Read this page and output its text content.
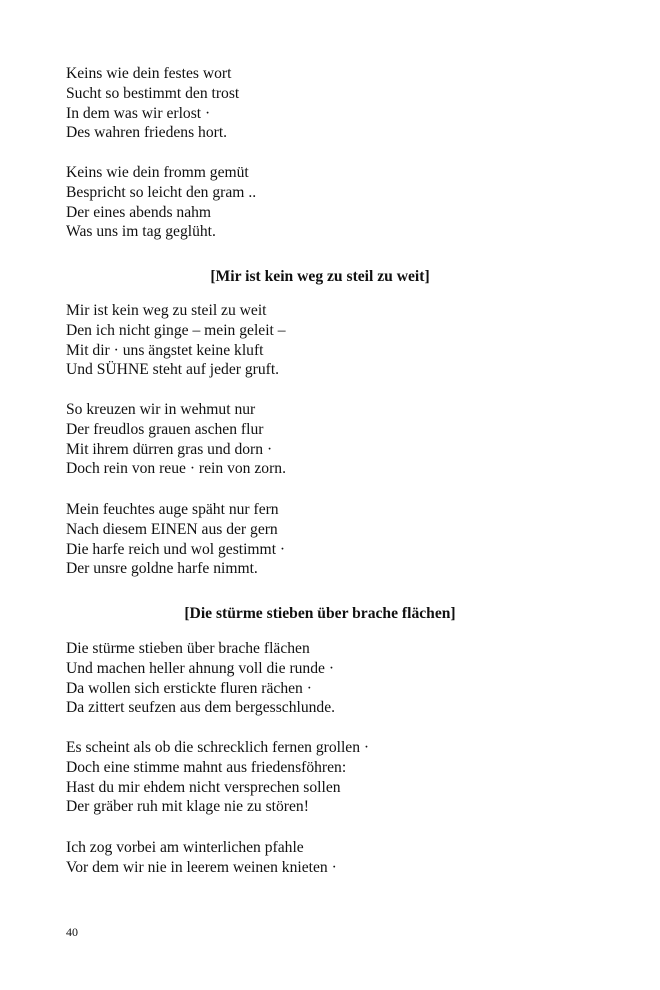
Keins wie dein festes wort
Sucht so bestimmt den trost
In dem was wir erlost ·
Des wahren friedens hort.
Keins wie dein fromm gemüt
Bespricht so leicht den gram ..
Der eines abends nahm
Was uns im tag geglüht.
[Mir ist kein weg zu steil zu weit]
Mir ist kein weg zu steil zu weit
Den ich nicht ginge – mein geleit –
Mit dir · uns ängstet keine kluft
Und SÜHNE steht auf jeder gruft.
So kreuzen wir in wehmut nur
Der freudlos grauen aschen flur
Mit ihrem dürren gras und dorn ·
Doch rein von reue · rein von zorn.
Mein feuchtes auge späht nur fern
Nach diesem EINEN aus der gern
Die harfe reich und wol gestimmt ·
Der unsre goldne harfe nimmt.
[Die stürme stieben über brache flächen]
Die stürme stieben über brache flächen
Und machen heller ahnung voll die runde ·
Da wollen sich erstickte fluren rächen ·
Da zittert seufzen aus dem bergesschlunde.
Es scheint als ob die schrecklich fernen grollen ·
Doch eine stimme mahnt aus friedensföhren:
Hast du mir ehdem nicht versprechen sollen
Der gräber ruh mit klage nie zu stören!
Ich zog vorbei am winterlichen pfahle
Vor dem wir nie in leerem weinen knieten ·
40
